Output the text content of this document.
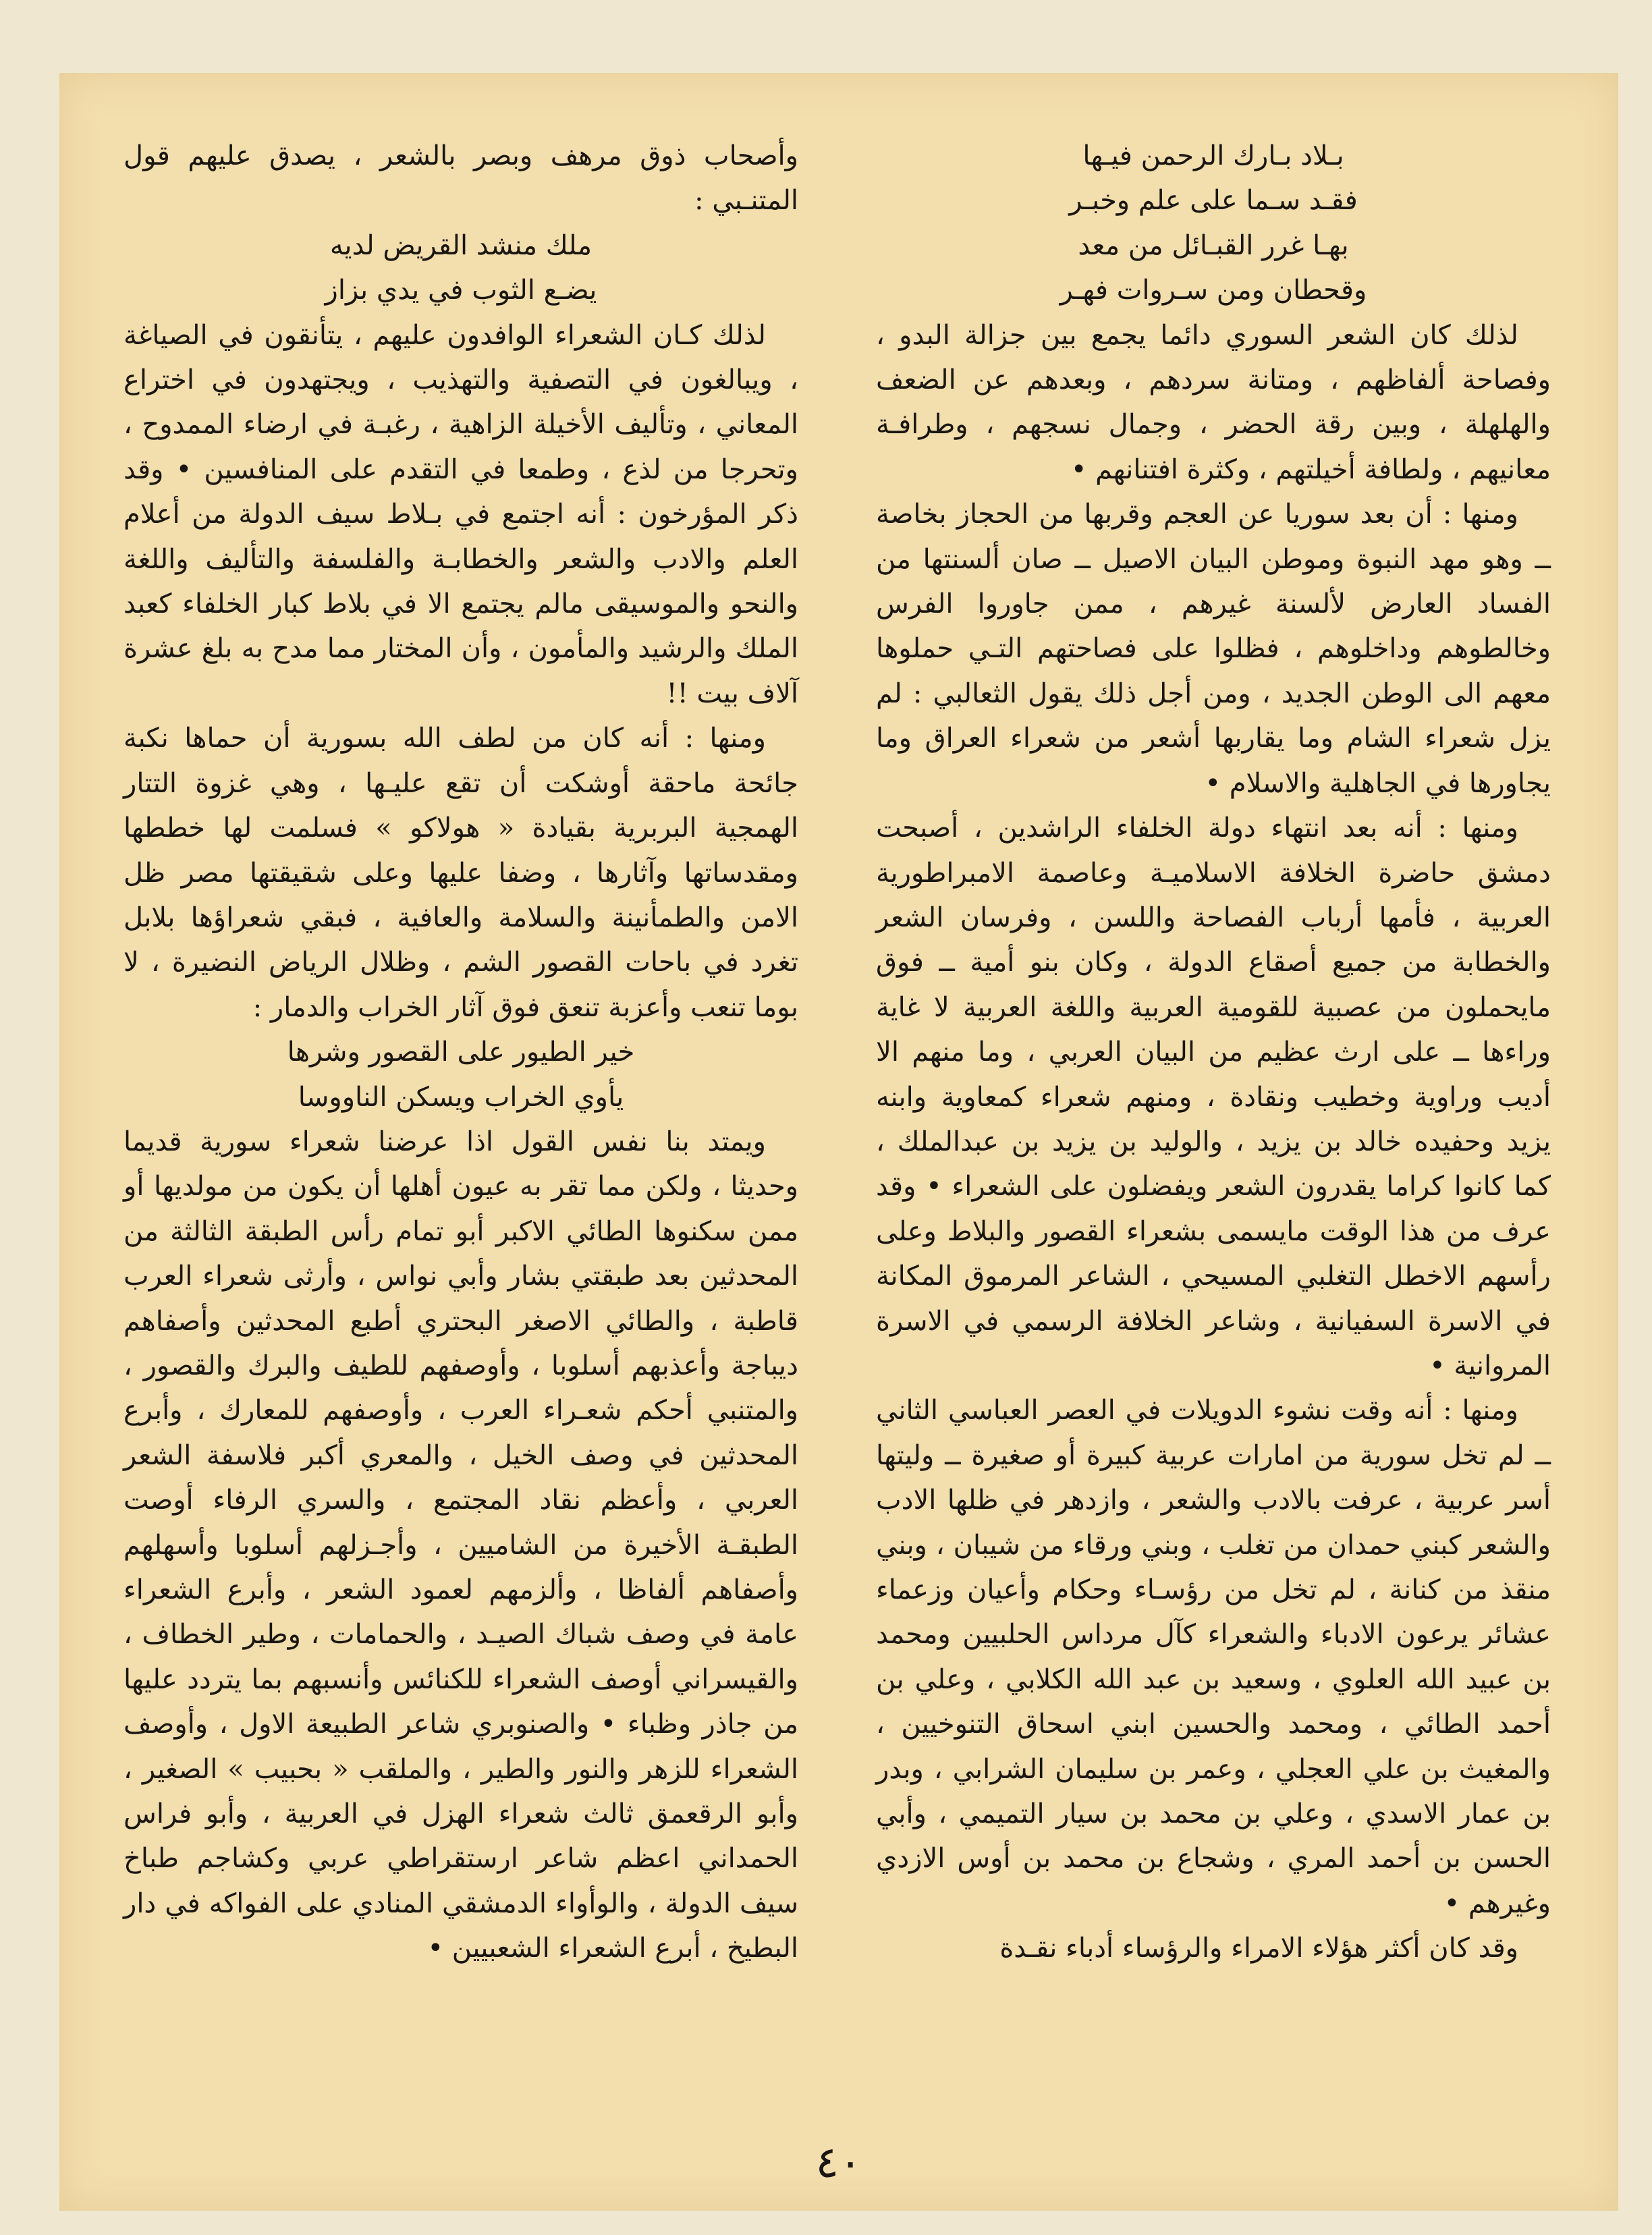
بـلاد بـارك الرحمن فيـها
فقـد سـما على علم وخبـر
بهـا غرر القبـائل من معد
وقحطان ومن سـروات فهـر

لذلك كان الشعر السوري دائما يجمع بين جزالة البدو ، وفصاحة ألفاظهم ، ومتانة سردهم ، وبعدهم عن الضعف والهلهلة ، وبين رقة الحضر ، وجمال نسجهم ، وطرافـة معانيهم ، ولطافة أخيلتهم ، وكثرة افتنانهم •

ومنها : أن بعد سوريا عن العجم وقربها من الحجاز بخاصة ــ وهو مهد النبوة وموطن البيان الاصيل ــ صان ألسنتها من الفساد العارض لألسنة غيرهم ، ممن جاوروا الفرس وخالطوهم وداخلوهم ، فظلوا على فصاحتهم التـي حملوها معهم الى الوطن الجديد ، ومن أجل ذلك يقول الثعالبي : لم يزل شعراء الشام وما يقاربها أشعر من شعراء العراق وما يجاورها في الجاهلية والاسلام •

ومنها : أنه بعد انتهاء دولة الخلفاء الراشدين ، أصبحت دمشق حاضرة الخلافة الاسلاميـة وعاصمة الامبراطورية العربية ، فأمها أرباب الفصاحة واللسن ، وفرسان الشعر والخطابة من جميع أصقاع الدولة ، وكان بنو أمية ــ فوق مايحملون من عصبية للقومية العربية واللغة العربية لا غاية وراءها ــ على ارث عظيم من البيان العربي ، وما منهم الا أديب وراوية وخطيب ونقادة ، ومنهم شعراء كمعاوية وابنه يزيد وحفيده خالد بن يزيد ، والوليد بن يزيد بن عبدالملك ، كما كانوا كراما يقدرون الشعر ويفضلون على الشعراء • وقد عرف من هذا الوقت مايسمى بشعراء القصور والبلاط وعلى رأسهم الاخطل التغلبي المسيحي ، الشاعر المرموق المكانة في الاسرة السفيانية ، وشاعر الخلافة الرسمي في الاسرة المروانية •

ومنها : أنه وقت نشوء الدويلات في العصر العباسي الثاني ــ لم تخل سورية من امارات عربية كبيرة أو صغيرة ــ وليتها أسر عربية ، عرفت بالادب والشعر ، وازدهر في ظلها الادب والشعر كبني حمدان من تغلب ، وبني ورقاء من شيبان ، وبني منقذ من كنانة ، لم تخل من رؤسـاء وحكام وأعيان وزعماء عشائر يرعون الادباء والشعراء كآل مرداس الحلبيين ومحمد بن عبيد الله العلوي ، وسعيد بن عبد الله الكلابي ، وعلي بن أحمد الطائي ، ومحمد والحسين ابني اسحاق التنوخيين ، والمغيث بن علي العجلي ، وعمر بن سليمان الشرابي ، وبدر بن عمار الاسدي ، وعلي بن محمد بن سيار التميمي ، وأبي الحسن بن أحمد المري ، وشجاع بن محمد بن أوس الازدي وغيرهم •

وقد كان أكثر هؤلاء الامراء والرؤساء أدباء نقـدة

وأصحاب ذوق مرهف وبصر بالشعر ، يصدق عليهم قول المتنـبي :

ملك منشد القريض لديه
يضـع الثوب في يدي بزاز

لذلك كـان الشعراء الوافدون عليهم ، يتأنقون في الصياغة ، ويبالغون في التصفية والتهذيب ، ويجتهدون في اختراع المعاني ، وتأليف الأخيلة الزاهية ، رغبـة في ارضاء الممدوح ، وتحرجا من لذع ، وطمعا في التقدم على المنافسين • وقد ذكر المؤرخون : أنه اجتمع في بـلاط سيف الدولة من أعلام العلم والادب والشعر والخطابـة والفلسفة والتأليف واللغة والنحو والموسيقى مالم يجتمع الا في بلاط كبار الخلفاء كعبد الملك والرشيد والمأمون ، وأن المختار مما مدح به بلغ عشرة آلاف بيت !!

ومنها : أنه كان من لطف الله بسورية أن حماها نكبة جائحة ماحقة أوشكت أن تقع عليـها ، وهي غزوة التتار الهمجية البربرية بقيادة « هولاكو » فسلمت لها خططها ومقدساتها وآثارها ، وضفا عليها وعلى شقيقتها مصر ظل الامن والطمأنينة والسلامة والعافية ، فبقي شعراؤها بلابل تغرد في باحات القصور الشم ، وظلال الرياض النضيرة ، لا بوما تنعب وأعزبة تنعق فوق آثار الخراب والدمار :

خير الطيور على القصور وشرها
يأوي الخراب ويسكن الناووسا

ويمتد بنا نفس القول اذا عرضنا شعراء سورية قديما وحديثا ، ولكن مما تقر به عيون أهلها أن يكون من مولديها أو ممن سكنوها الطائي الاكبر أبو تمام رأس الطبقة الثالثة من المحدثين بعد طبقتي بشار وأبي نواس ، وأرثى شعراء العرب قاطبة ، والطائي الاصغر البحتري أطبع المحدثين وأصفاهم ديباجة وأعذبهم أسلوبا ، وأوصفهم للطيف والبرك والقصور ، والمتنبي أحكم شعـراء العرب ، وأوصفهم للمعارك ، وأبرع المحدثين في وصف الخيل ، والمعري أكبر فلاسفة الشعر العربي ، وأعظم نقاد المجتمع ، والسري الرفاء أوصت الطبقـة الأخيرة من الشاميين ، وأجـزلهم أسلوبا وأسهلهم وأصفاهم ألفاظا ، وألزمهم لعمود الشعر ، وأبرع الشعراء عامة في وصف شباك الصيـد ، والحمامات ، وطير الخطاف ، والقيسراني أوصف الشعراء للكنائس وأنسبهم بما يتردد عليها من جاذر وظباء • والصنوبري شاعر الطبيعة الاول ، وأوصف الشعراء للزهر والنور والطير ، والملقب « بحبيب » الصغير ، وأبو الرقعمق ثالث شعراء الهزل في العربية ، وأبو فراس الحمداني اعظم شاعر ارستقراطي عربي وكشاجم طباخ سيف الدولة ، والوأواء الدمشقي المنادي على الفواكه في دار البطيخ ، أبرع الشعراء الشعبيين •

٤٠
